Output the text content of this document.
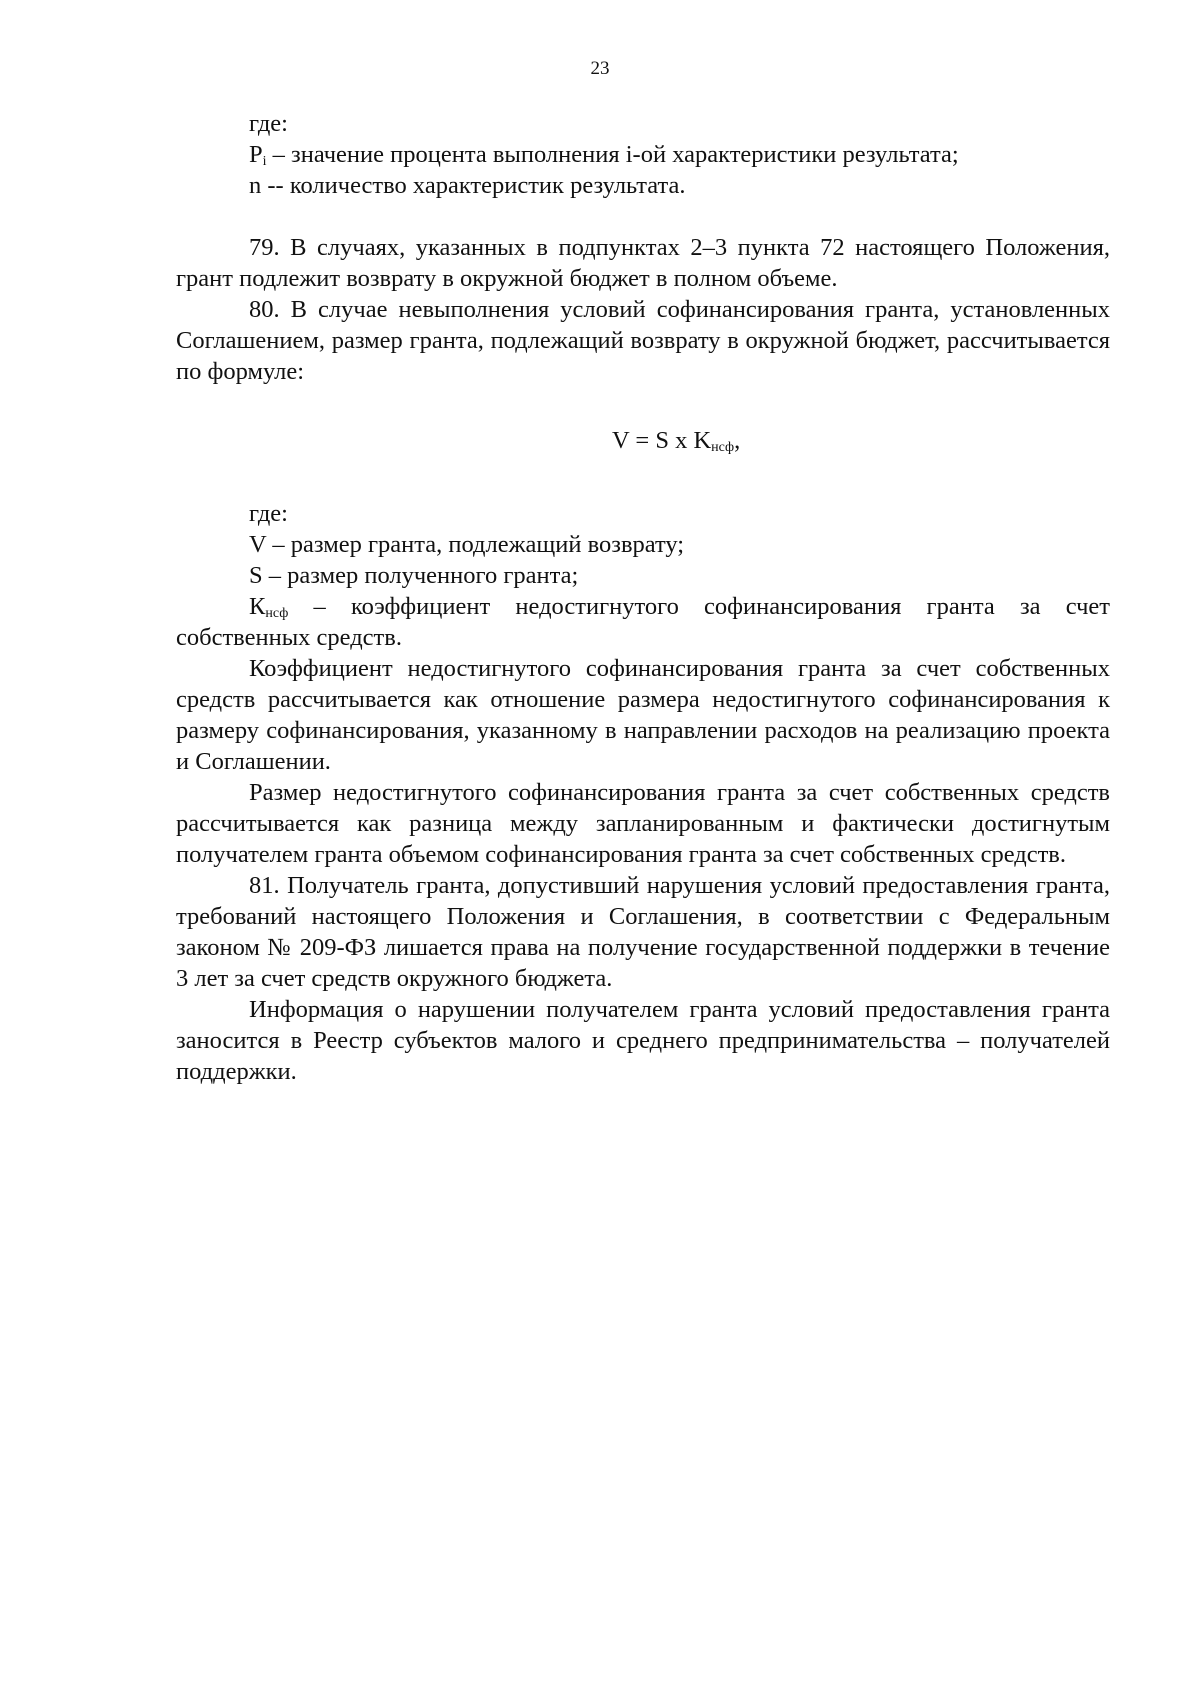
23

где:

$P_i$ – значение процента выполнения i-ой характеристики результата;

n -- количество характеристик результата.

79. В случаях, указанных в подпунктах 2–3 пункта 72 настоящего Положения, грант подлежит возврату в окружной бюджет в полном объеме.

80. В случае невыполнения условий софинансирования гранта, установленных Соглашением, размер гранта, подлежащий возврату в окружной бюджет, рассчитывается по формуле:

V = S x $K_{нсф}$,

где:

V – размер гранта, подлежащий возврату;

S – размер полученного гранта;

$К_{нсф}$ – коэффициент недостигнутого софинансирования гранта за счет собственных средств.

Коэффициент недостигнутого софинансирования гранта за счет собственных средств рассчитывается как отношение размера недостигнутого софинансирования к размеру софинансирования, указанному в направлении расходов на реализацию проекта и Соглашении.

Размер недостигнутого софинансирования гранта за счет собственных средств рассчитывается как разница между запланированным и фактически достигнутым получателем гранта объемом софинансирования гранта за счет собственных средств.

81. Получатель гранта, допустивший нарушения условий предоставления гранта, требований настоящего Положения и Соглашения, в соответствии с Федеральным законом № 209-ФЗ лишается права на получение государственной поддержки в течение 3 лет за счет средств окружного бюджета.

Информация о нарушении получателем гранта условий предоставления гранта заносится в Реестр субъектов малого и среднего предпринимательства – получателей поддержки.
